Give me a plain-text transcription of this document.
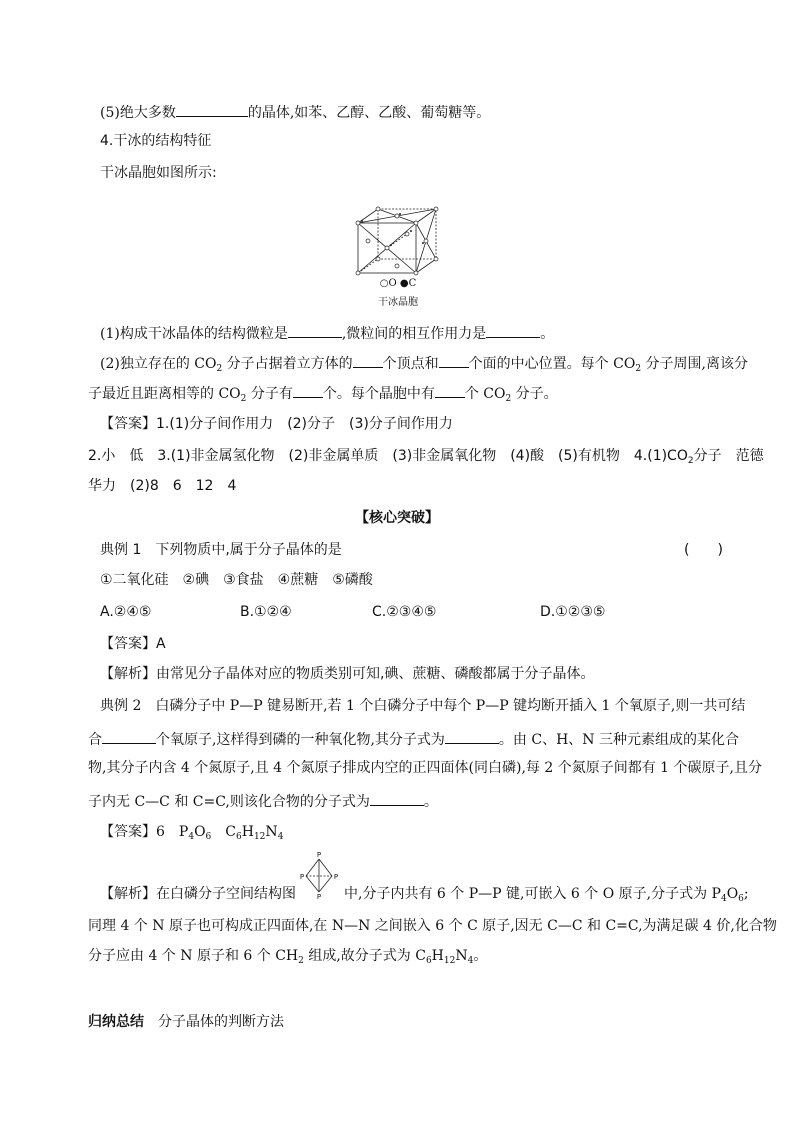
(5)绝大多数	的晶体,如苯、乙醇、乙酸、葡萄糖等。
4.干冰的结构特征
干冰晶胞如图所示:
○O ●C
干冰晶胞
(1)构成干冰晶体的结构微粒是	,微粒间的相互作用力是	。
(2)独立存在的 $CO_2$ 分子占据着立方体的 个顶点和 个面的中心位置。每个 $CO_2$ 分子周围,离该分
子最近且距离相等的 $CO_2$ 分子有 个。每个晶胞中有 个 $CO_2$ 分子。
【答案】1.(1)分子间作用力　(2)分子　(3)分子间作用力
2.小　低　3.(1)非金属氢化物　(2)非金属单质　(3)非金属氧化物　(4)酸　(5)有机物　$4.(1)CO_2$分子　范德
华力　(2)8　6　12　4
【核心突破】
典例 1　下列物质中,属于分子晶体的是	(　　)
①二氧化硅　②碘　③食盐　④蔗糖　⑤磷酸
A.②④⑤	B.①②④	C.②③④⑤	D.①②③⑤
【答案】A
【解析】由常见分子晶体对应的物质类别可知,碘、蔗糖、磷酸都属于分子晶体。
典例 2　白磷分子中 P—P 键易断开,若 1 个白磷分子中每个 P—P 键均断开插入 1 个氧原子,则一共可结
合	个氧原子,这样得到磷的一种氧化物,其分子式为	。由 C、H、N 三种元素组成的某化合
物,其分子内含 4 个氮原子,且 4 个氮原子排成内空的正四面体(同白磷),每 2 个氮原子间都有 1 个碳原子,且分
子内无 C—C 和 C=C,则该化合物的分子式为	。
【答案】6　$P_4O_6$　$C_6H_{12}N_4$
P
P	P
P
【解析】在白磷分子空间结构图	中,分子内共有 6 个 P—P 键,可嵌入 6 个 O 原子,分子式为 $P_4O_6$;
同理 4 个 N 原子也可构成正四面体,在 N—N 之间嵌入 6 个 C 原子,因无 C—C 和 C=C,为满足碳 4 价,化合物
分子应由 4 个 N 原子和 6 个 $CH_2$ 组成,故分子式为 $C_6H_{12}N_4$。
归纳总结　 分子晶体的判断方法
